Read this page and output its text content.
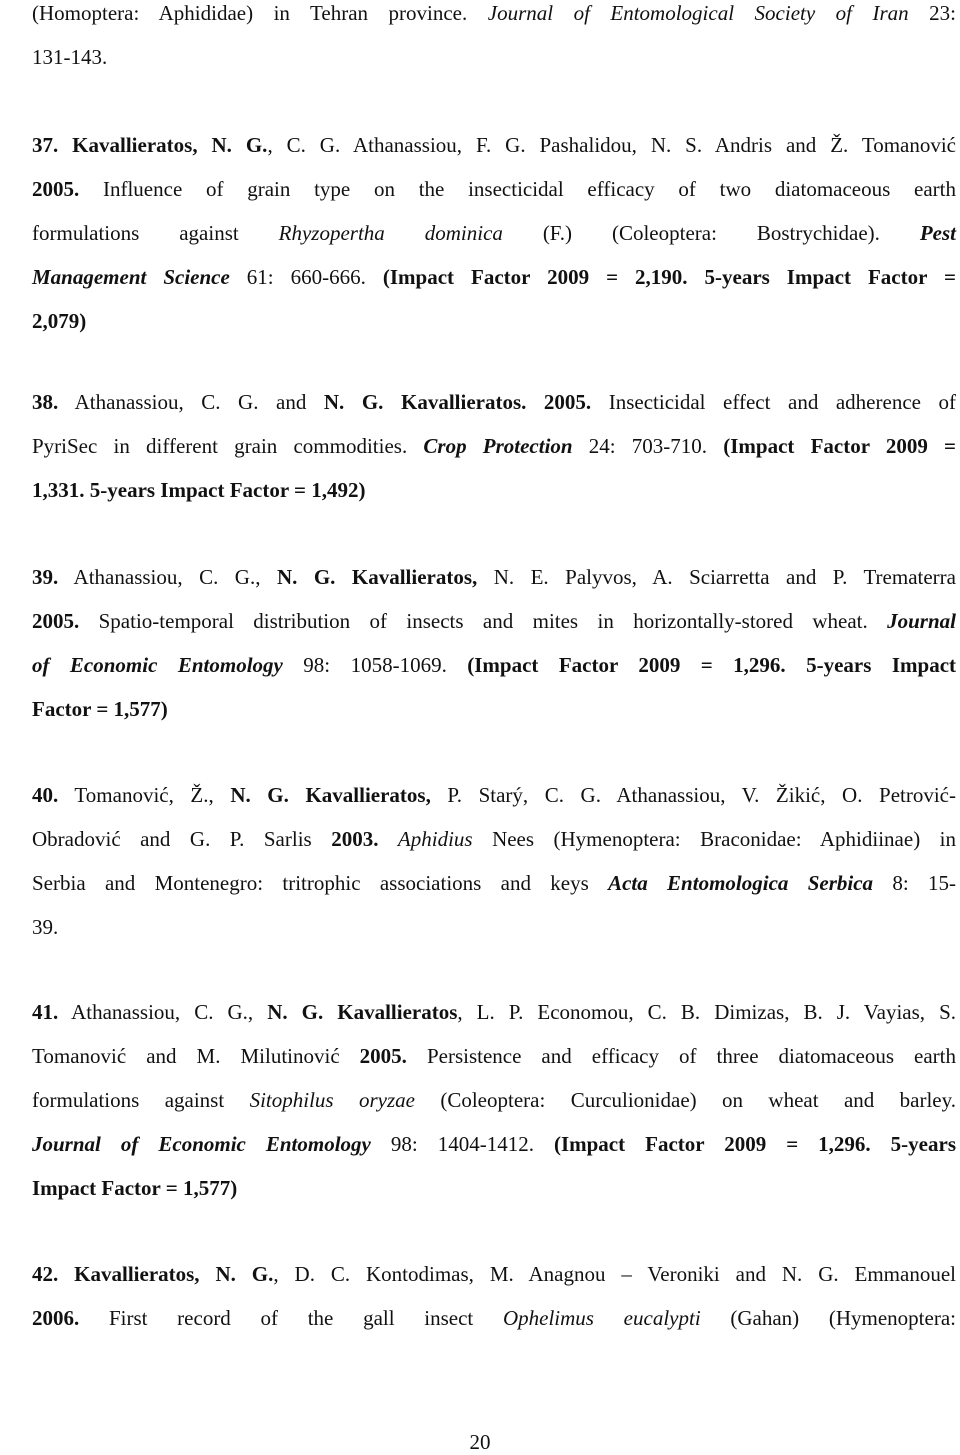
(Homoptera: Aphididae) in Tehran province. Journal of Entomological Society of Iran 23:
131-143.
37. Kavallieratos, N. G., C. G. Athanassiou, F. G. Pashalidou, N. S. Andris and Ž. Tomanović
2005. Influence of grain type on the insecticidal efficacy of two diatomaceous earth
formulations against Rhyzopertha dominica (F.) (Coleoptera: Bostrychidae). Pest
Management Science 61: 660-666. (Impact Factor 2009 = 2,190. 5-years Impact Factor =
2,079)
38. Athanassiou, C. G. and N. G. Kavallieratos. 2005. Insecticidal effect and adherence of
PyriSec in different grain commodities. Crop Protection 24: 703-710. (Impact Factor 2009 =
1,331. 5-years Impact Factor = 1,492)
39. Athanassiou, C. G., N. G. Kavallieratos, N. E. Palyvos, A. Sciarretta and P. Trematerra
2005. Spatio-temporal distribution of insects and mites in horizontally-stored wheat. Journal
of Economic Entomology 98: 1058-1069. (Impact Factor 2009 = 1,296. 5-years Impact
Factor = 1,577)
40. Tomanović, Ž., N. G. Kavallieratos, P. Starý, C. G. Athanassiou, V. Žikić, O. Petrović-
Obradović and G. P. Sarlis 2003. Aphidius Nees (Hymenoptera: Braconidae: Aphidiinae) in
Serbia and Montenegro: tritrophic associations and keys Acta Entomologica Serbica 8: 15-
39.
41. Athanassiou, C. G., N. G. Kavallieratos, L. P. Economou, C. B. Dimizas, B. J. Vayias, S.
Tomanović and M. Milutinović 2005. Persistence and efficacy of three diatomaceous earth
formulations against Sitophilus oryzae (Coleoptera: Curculionidae) on wheat and barley.
Journal of Economic Entomology 98: 1404-1412. (Impact Factor 2009 = 1,296. 5-years
Impact Factor = 1,577)
42. Kavallieratos, N. G., D. C. Kontodimas, M. Anagnou – Veroniki and N. G. Emmanouel
2006. First record of the gall insect Ophelimus eucalypti (Gahan) (Hymenoptera:
20
